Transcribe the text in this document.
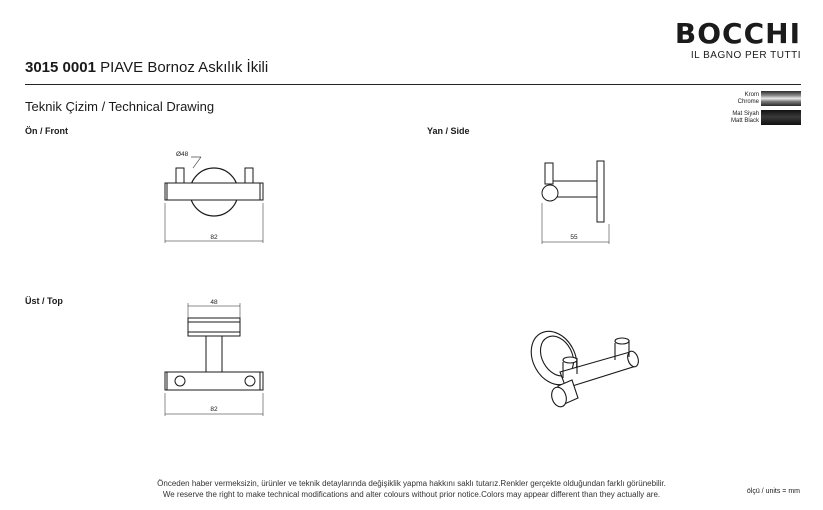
BOCCHI
IL BAGNO PER TUTTI
3015 0001 PIAVE Bornoz Askılık İkili
Teknik Çizim / Technical Drawing
Krom
Chrome
Mat Siyah
Matt Black
Ön / Front	Yan / Side
Üst / Top
Ø48
82	55
48
82
Önceden haber vermeksizin, ürünler ve teknik detaylarında değişiklik yapma hakkını saklı tutarız.Renkler gerçekte olduğundan farklı görünebilir.
We reserve the right to make technical modifications and alter colours without prior notice.Colors may appear different than they actually are.	ölçü / units = mm
